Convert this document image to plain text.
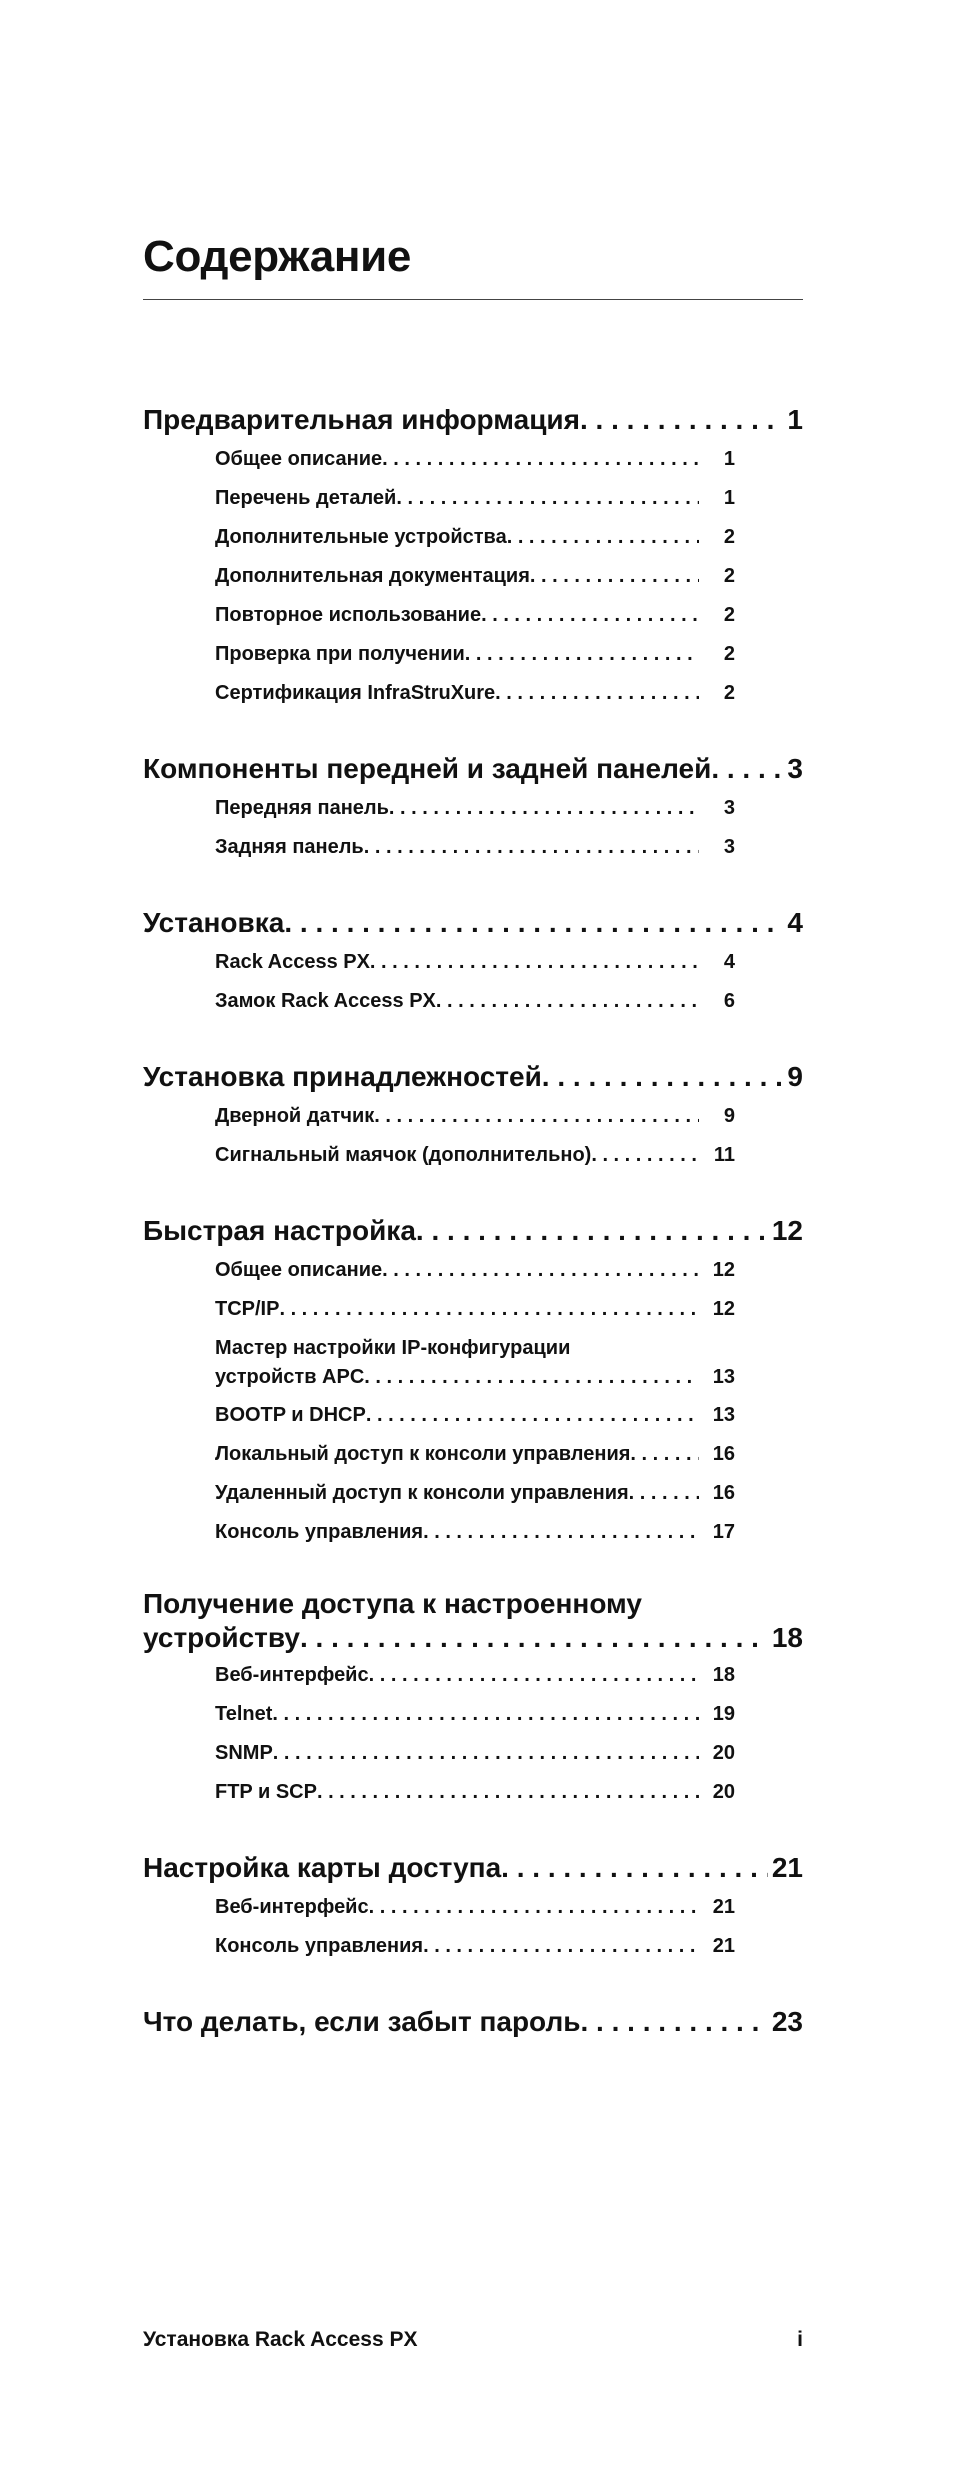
Содержание
Предварительная информация . . .	1
Общее описание . . .	1
Перечень деталей . . .	1
Дополнительные устройства . . .	2
Дополнительная документация . . .	2
Повторное использование . . .	2
Проверка при получении . . .	2
Сертификация InfraStruXure . . .	2
Компоненты передней и задней панелей . . .	3
Передняя панель . . .	3
Задняя панель . . .	3
Установка . . .	4
Rack Access PX . . .	4
Замок Rack Access PX . . .	6
Установка принадлежностей . . .	9
Дверной датчик . . .	9
Сигнальный маячок (дополнительно) . . .	11
Быстрая настройка . . .	12
Общее описание . . .	12
TCP/IP . . .	12
Мастер настройки IP-конфигурации
устройств APC . . .	13
BOOTP и DHCP . . .	13
Локальный доступ к консоли управления . . .	16
Удаленный доступ к консоли управления . . .	16
Консоль управления . . .	17
Получение доступа к настроенному
устройству . . .	18
Веб-интерфейс . . .	18
Telnet . . .	19
SNMP . . .	20
FTP и SCP . . .	20
Настройка карты доступа . . .	21
Веб-интерфейс . . .	21
Консоль управления . . .	21
Что делать, если забыт пароль . . .	23
Установка Rack Access PX	i
